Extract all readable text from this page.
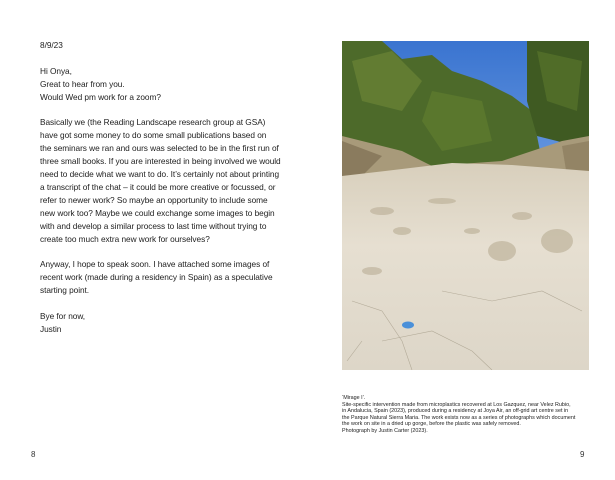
8/9/23

Hi Onya,
Great to hear from you.
Would Wed pm work for a zoom?

Basically we (the Reading Landscape research group at GSA)
have got some money to do some small publications based on
the seminars we ran and ours was selected to be in the first run of
three small books. If you are interested in being involved we would
need to decide what we want to do. It’s certainly not about printing
a transcript of the chat – it could be more creative or focussed, or
refer to newer work? So maybe an opportunity to include some
new work too? Maybe we could exchange some images to begin
with and develop a similar process to last time without trying to
create too much extra new work for ourselves?

Anyway, I hope to speak soon. I have attached some images of
recent work (made during a residency in Spain) as a speculative
starting point.

Bye for now,
Justin

8
‘Mirage I’.
Site-specific intervention made from microplastics recovered at Los Gazquez, near Velez Rubio,
in Andalucia, Spain (2023), produced during a residency at Joya Air, an off-grid art centre set in
the Parque Natural Sierra Maria. The work exists now as a series of photographs which document
the work on site in a dried up gorge, before the plastic was safely removed.
Photograph by Justin Carter (2023).
9
